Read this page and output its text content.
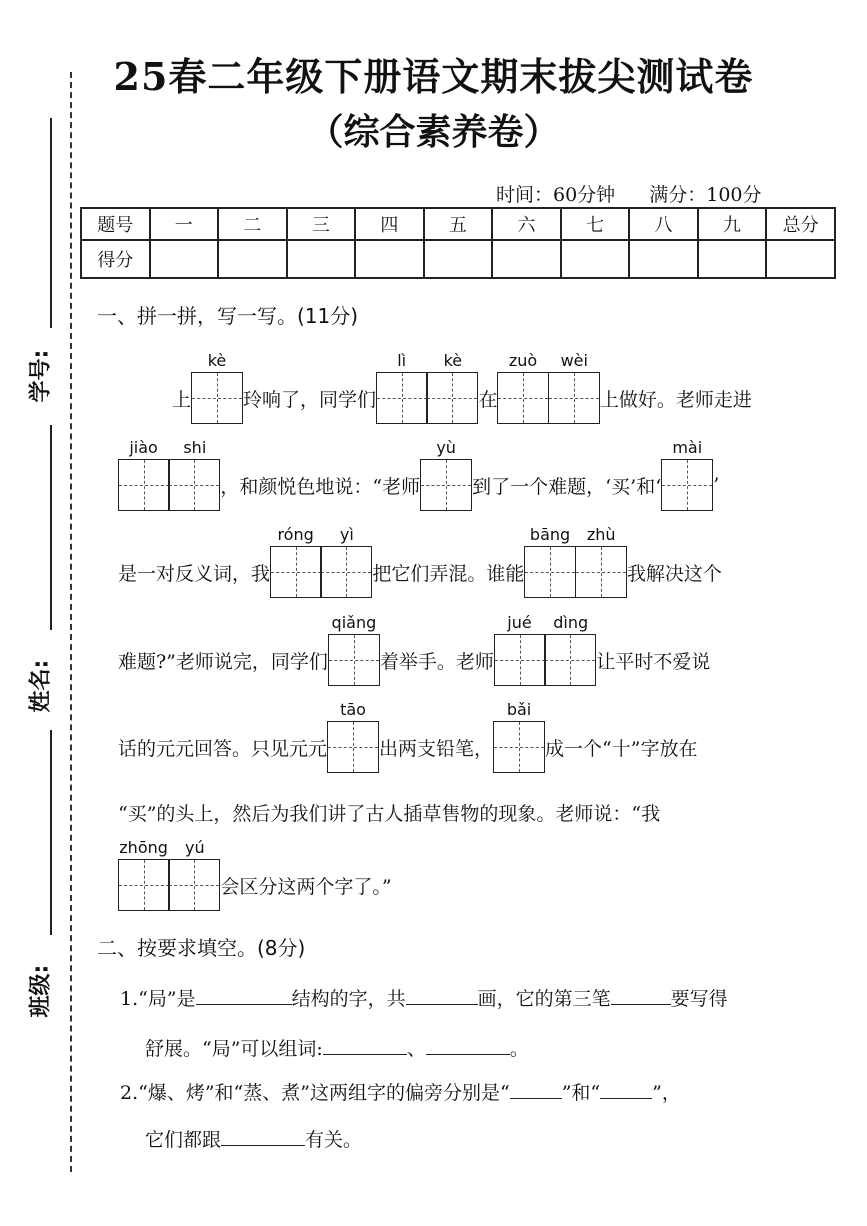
学号:
姓名:
班级:
25春二年级下册语文期末拔尖测试卷
（综合素养卷）
时间：60分钟 满分：100分
题号	一	二	三	四	五	六	七	八	九	总分
得分										
一、拼一拼，写一写。(11分)
上
kè
玲响了，同学们
lì	kè
在
zuò	wèi
上做好。老师走进
jiào	shi
，和颜悦色地说：“老师
yù
到了一个难题，‘买’和‘
mài
’
是一对反义词，我
róng	yì
把它们弄混。谁能
bāng	zhù
我解决这个
难题?”老师说完，同学们
qiǎng
着举手。老师
jué	dìng
让平时不爱说
话的元元回答。只见元元
tāo
出两支铅笔，
bǎi
成一个“十”字放在
“买”的头上，然后为我们讲了古人插草售物的现象。老师说：“我
zhōng	yú
会区分这两个字了。”
二、按要求填空。(8分)
1.“局”是	结构的字，共	画，它的第三笔	要写得
舒展。“局”可以组词:	、	。
2.“爆、烤”和“蒸、煮”这两组字的偏旁分别是“	”和“	”，
它们都跟	有关。
